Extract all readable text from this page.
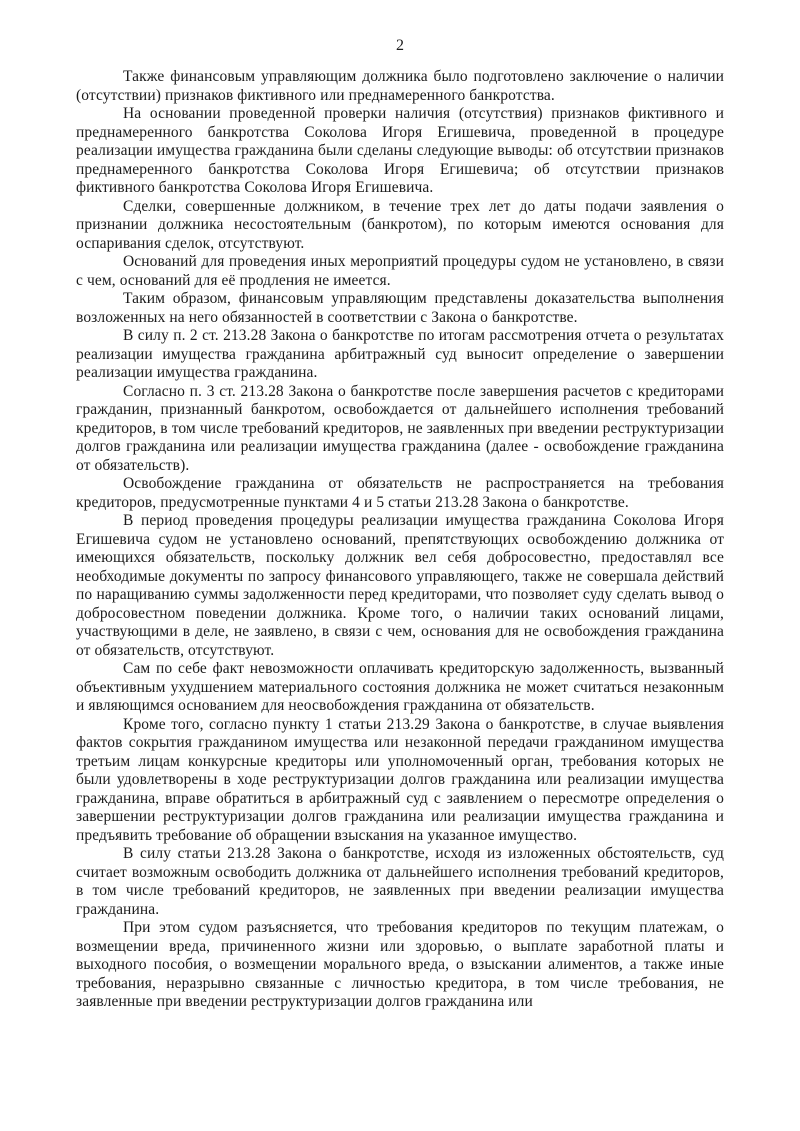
2

Также финансовым управляющим должника было подготовлено заключение о наличии (отсутствии) признаков фиктивного или преднамеренного банкротства.

На основании проведенной проверки наличия (отсутствия) признаков фиктивного и преднамеренного банкротства Соколова Игоря Егишевича, проведенной в процедуре реализации имущества гражданина были сделаны следующие выводы: об отсутствии признаков преднамеренного банкротства Соколова Игоря Егишевича; об отсутствии признаков фиктивного банкротства Соколова Игоря Егишевича.

Сделки, совершенные должником, в течение трех лет до даты подачи заявления о признании должника несостоятельным (банкротом), по которым имеются основания для оспаривания сделок, отсутствуют.

Оснований для проведения иных мероприятий процедуры судом не установлено, в связи с чем, оснований для её продления не имеется.

Таким образом, финансовым управляющим представлены доказательства выполнения возложенных на него обязанностей в соответствии с Закона о банкротстве.

В силу п. 2 ст. 213.28 Закона о банкротстве по итогам рассмотрения отчета о результатах реализации имущества гражданина арбитражный суд выносит определение о завершении реализации имущества гражданина.

Согласно п. 3 ст. 213.28 Закона о банкротстве после завершения расчетов с кредиторами гражданин, признанный банкротом, освобождается от дальнейшего исполнения требований кредиторов, в том числе требований кредиторов, не заявленных при введении реструктуризации долгов гражданина или реализации имущества гражданина (далее - освобождение гражданина от обязательств).

Освобождение гражданина от обязательств не распространяется на требования кредиторов, предусмотренные пунктами 4 и 5 статьи 213.28 Закона о банкротстве.

В период проведения процедуры реализации имущества гражданина Соколова Игоря Егишевича судом не установлено оснований, препятствующих освобождению должника от имеющихся обязательств, поскольку должник вел себя добросовестно, предоставлял все необходимые документы по запросу финансового управляющего, также не совершала действий по наращиванию суммы задолженности перед кредиторами, что позволяет суду сделать вывод о добросовестном поведении должника. Кроме того, о наличии таких оснований лицами, участвующими в деле, не заявлено, в связи с чем, основания для не освобождения гражданина от обязательств, отсутствуют.

Сам по себе факт невозможности оплачивать кредиторскую задолженность, вызванный объективным ухудшением материального состояния должника не может считаться незаконным и являющимся основанием для неосвобождения гражданина от обязательств.

Кроме того, согласно пункту 1 статьи 213.29 Закона о банкротстве, в случае выявления фактов сокрытия гражданином имущества или незаконной передачи гражданином имущества третьим лицам конкурсные кредиторы или уполномоченный орган, требования которых не были удовлетворены в ходе реструктуризации долгов гражданина или реализации имущества гражданина, вправе обратиться в арбитражный суд с заявлением о пересмотре определения о завершении реструктуризации долгов гражданина или реализации имущества гражданина и предъявить требование об обращении взыскания на указанное имущество.

В силу статьи 213.28 Закона о банкротстве, исходя из изложенных обстоятельств, суд считает возможным освободить должника от дальнейшего исполнения требований кредиторов, в том числе требований кредиторов, не заявленных при введении реализации имущества гражданина.

При этом судом разъясняется, что требования кредиторов по текущим платежам, о возмещении вреда, причиненного жизни или здоровью, о выплате заработной платы и выходного пособия, о возмещении морального вреда, о взыскании алиментов, а также иные требования, неразрывно связанные с личностью кредитора, в том числе требования, не заявленные при введении реструктуризации долгов гражданина или
